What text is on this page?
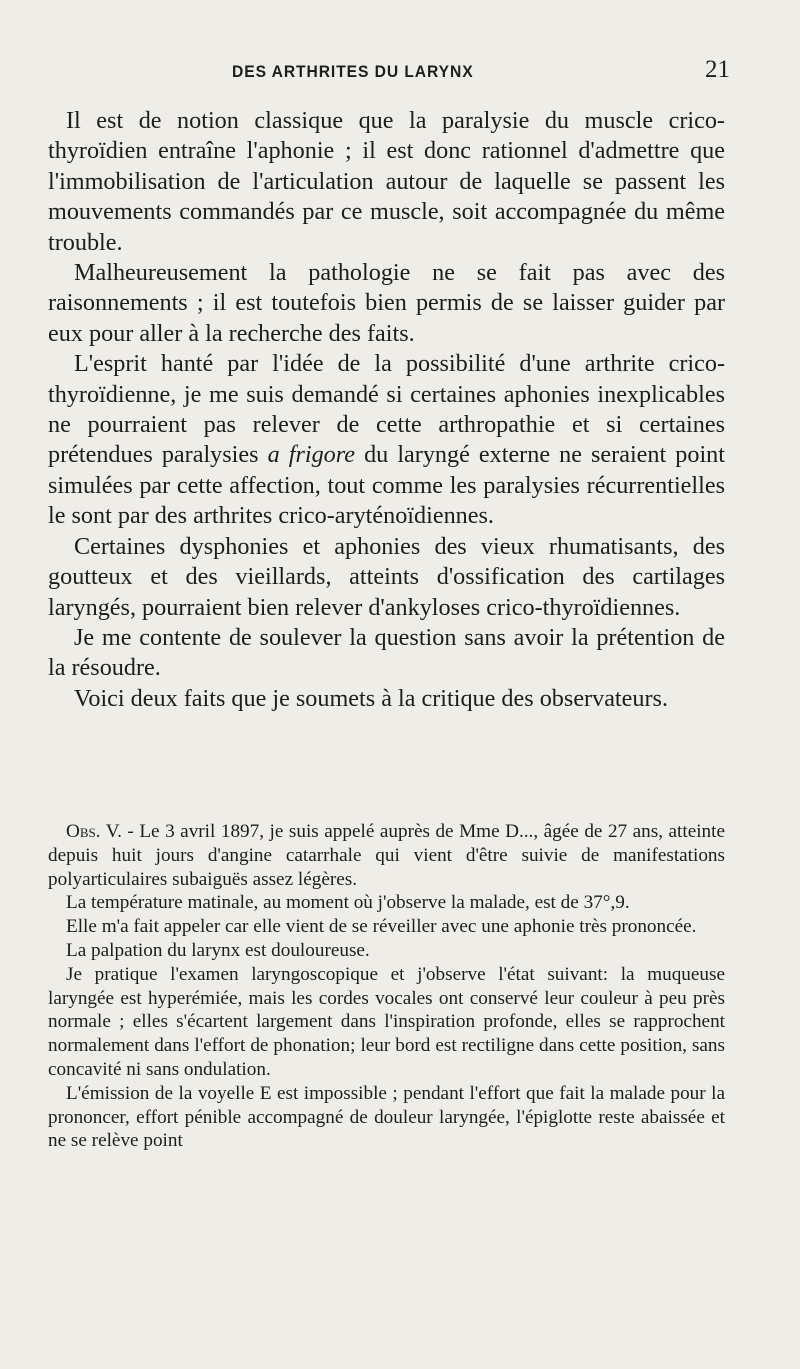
DES ARTHRITES DU LARYNX	21

Il est de notion classique que la paralysie du muscle crico-thyroïdien entraîne l'aphonie ; il est donc rationnel d'admettre que l'immobilisation de l'articulation autour de laquelle se passent les mouvements commandés par ce muscle, soit accompagnée du même trouble.

Malheureusement la pathologie ne se fait pas avec des raisonnements ; il est toutefois bien permis de se laisser guider par eux pour aller à la recherche des faits.

L'esprit hanté par l'idée de la possibilité d'une arthrite crico-thyroïdienne, je me suis demandé si certaines aphonies inexplicables ne pourraient pas relever de cette arthropathie et si certaines prétendues paralysies a frigore du laryngé externe ne seraient point simulées par cette affection, tout comme les paralysies récurrentielles le sont par des arthrites crico-aryténoïdiennes.

Certaines dysphonies et aphonies des vieux rhumatisants, des goutteux et des vieillards, atteints d'ossification des cartilages laryngés, pourraient bien relever d'ankyloses crico-thyroïdiennes.

Je me contente de soulever la question sans avoir la prétention de la résoudre.

Voici deux faits que je soumets à la critique des observateurs.

Obs. V. - Le 3 avril 1897, je suis appelé auprès de Mme D..., âgée de 27 ans, atteinte depuis huit jours d'angine catarrhale qui vient d'être suivie de manifestations polyarticulaires subaiguës assez légères.

La température matinale, au moment où j'observe la malade, est de 37°,9.

Elle m'a fait appeler car elle vient de se réveiller avec une aphonie très prononcée.

La palpation du larynx est douloureuse.

Je pratique l'examen laryngoscopique et j'observe l'état suivant: la muqueuse laryngée est hyperémiée, mais les cordes vocales ont conservé leur couleur à peu près normale ; elles s'écartent largement dans l'inspiration profonde, elles se rapprochent normalement dans l'effort de phonation; leur bord est rectiligne dans cette position, sans concavité ni sans ondulation.

L'émission de la voyelle E est impossible ; pendant l'effort que fait la malade pour la prononcer, effort pénible accompagné de douleur laryngée, l'épiglotte reste abaissée et ne se relève point
